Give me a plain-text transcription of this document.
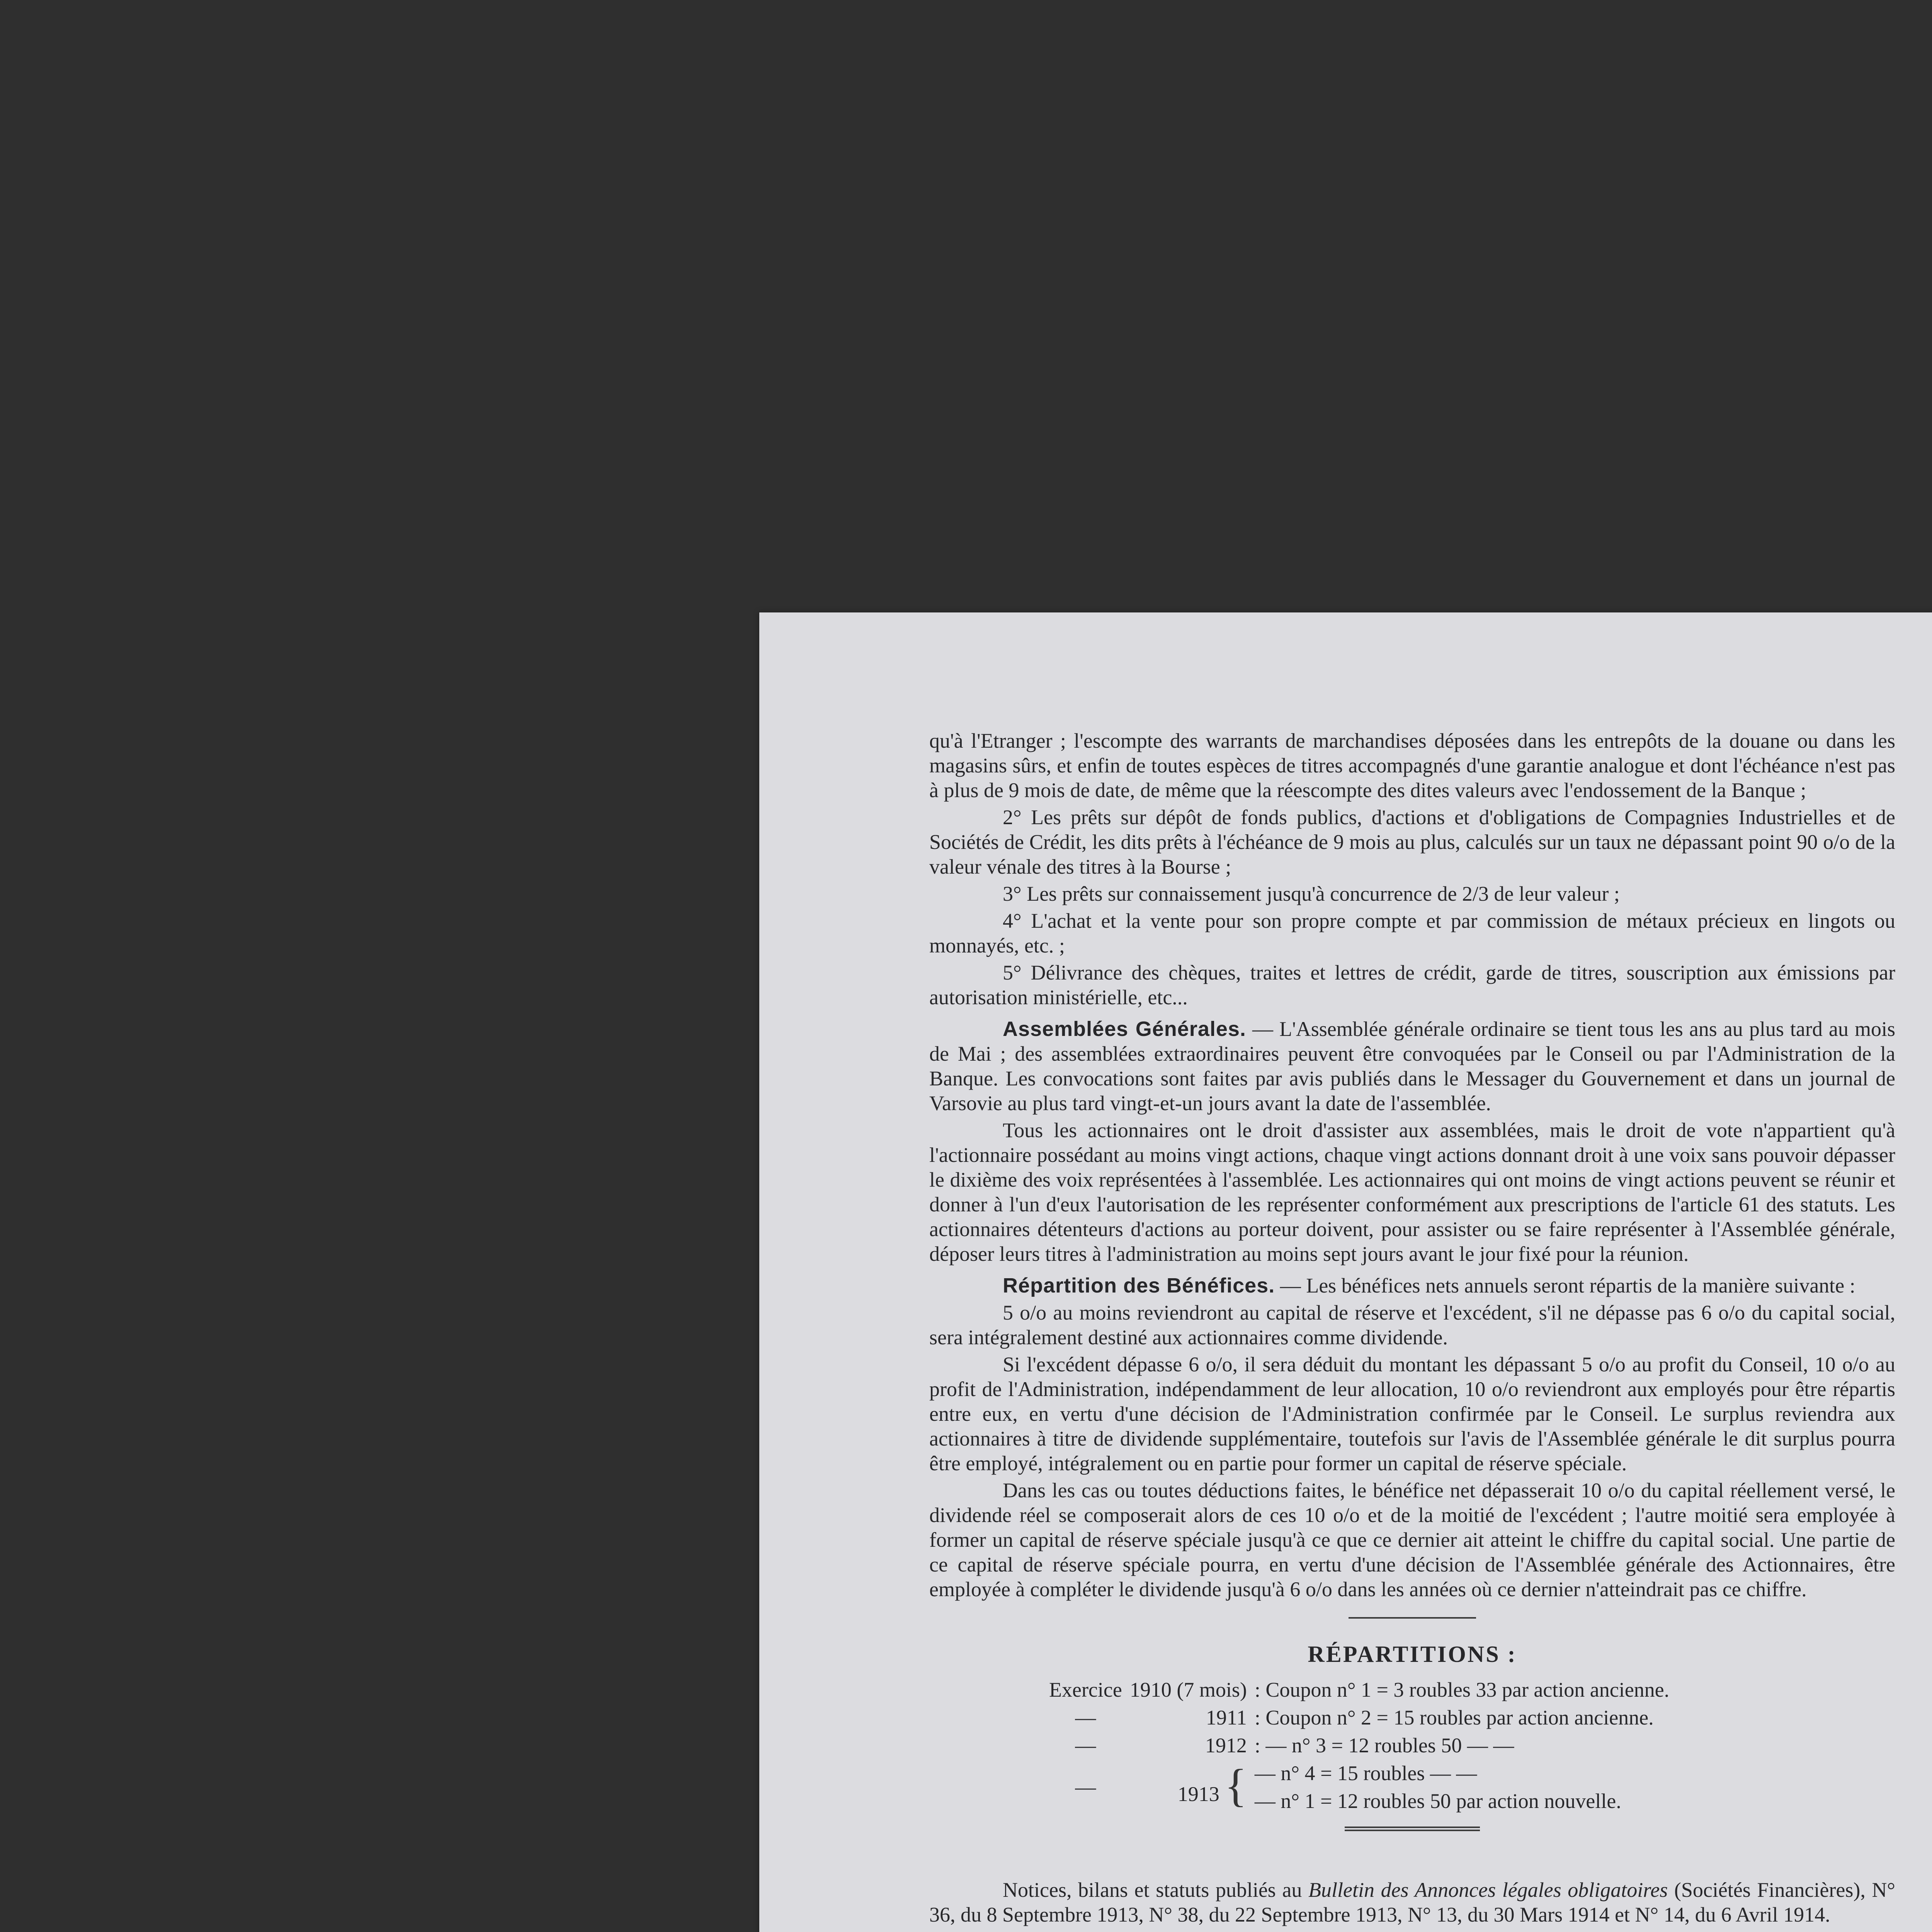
qu'à l'Etranger ; l'escompte des warrants de marchandises déposées dans les entrepôts de la douane ou dans les magasins sûrs, et enfin de toutes espèces de titres accompagnés d'une garantie analogue et dont l'échéance n'est pas à plus de 9 mois de date, de même que la réescompte des dites valeurs avec l'endossement de la Banque ;

2° Les prêts sur dépôt de fonds publics, d'actions et d'obligations de Compagnies Industrielles et de Sociétés de Crédit, les dits prêts à l'échéance de 9 mois au plus, calculés sur un taux ne dépassant point 90 o/o de la valeur vénale des titres à la Bourse ;

3° Les prêts sur connaissement jusqu'à concurrence de 2/3 de leur valeur ;

4° L'achat et la vente pour son propre compte et par commission de métaux précieux en lingots ou monnayés, etc. ;

5° Délivrance des chèques, traites et lettres de crédit, garde de titres, souscription aux émissions par autorisation ministérielle, etc...

Assemblées Générales. — L'Assemblée générale ordinaire se tient tous les ans au plus tard au mois de Mai ; des assemblées extraordinaires peuvent être convoquées par le Conseil ou par l'Administration de la Banque. Les convocations sont faites par avis publiés dans le Messager du Gouvernement et dans un journal de Varsovie au plus tard vingt-et-un jours avant la date de l'assemblée.

Tous les actionnaires ont le droit d'assister aux assemblées, mais le droit de vote n'appartient qu'à l'actionnaire possédant au moins vingt actions, chaque vingt actions donnant droit à une voix sans pouvoir dépasser le dixième des voix représentées à l'assemblée. Les actionnaires qui ont moins de vingt actions peuvent se réunir et donner à l'un d'eux l'autorisation de les représenter conformément aux prescriptions de l'article 61 des statuts. Les actionnaires détenteurs d'actions au porteur doivent, pour assister ou se faire représenter à l'Assemblée générale, déposer leurs titres à l'administration au moins sept jours avant le jour fixé pour la réunion.

Répartition des Bénéfices. — Les bénéfices nets annuels seront répartis de la manière suivante :

5 o/o au moins reviendront au capital de réserve et l'excédent, s'il ne dépasse pas 6 o/o du capital social, sera intégralement destiné aux actionnaires comme dividende.

Si l'excédent dépasse 6 o/o, il sera déduit du montant les dépassant 5 o/o au profit du Conseil, 10 o/o au profit de l'Administration, indépendamment de leur allocation, 10 o/o reviendront aux employés pour être répartis entre eux, en vertu d'une décision de l'Administration confirmée par le Conseil. Le surplus reviendra aux actionnaires à titre de dividende supplémentaire, toutefois sur l'avis de l'Assemblée générale le dit surplus pourra être employé, intégralement ou en partie pour former un capital de réserve spéciale.

Dans les cas ou toutes déductions faites, le bénéfice net dépasserait 10 o/o du capital réellement versé, le dividende réel se composerait alors de ces 10 o/o et de la moitié de l'excédent ; l'autre moitié sera employée à former un capital de réserve spéciale jusqu'à ce que ce dernier ait atteint le chiffre du capital social. Une partie de ce capital de réserve spéciale pourra, en vertu d'une décision de l'Assemblée générale des Actionnaires, être employée à compléter le dividende jusqu'à 6 o/o dans les années où ce dernier n'atteindrait pas ce chiffre.

RÉPARTITIONS :
Exercice	1910 (7 mois)	: Coupon n° 1 = 3 roubles 33 par action ancienne.
—	1911	: Coupon n° 2 = 15 roubles par action ancienne.
—	1912	: — n° 3 = 12 roubles 50 — —
—	1913 {	— n° 4 = 15 roubles — —
		— n° 1 = 12 roubles 50 par action nouvelle.

Notices, bilans et statuts publiés au Bulletin des Annonces légales obligatoires (Sociétés Financières), N° 36, du 8 Septembre 1913, N° 38, du 22 Septembre 1913, N° 13, du 30 Mars 1914 et N° 14, du 6 Avril 1914.
